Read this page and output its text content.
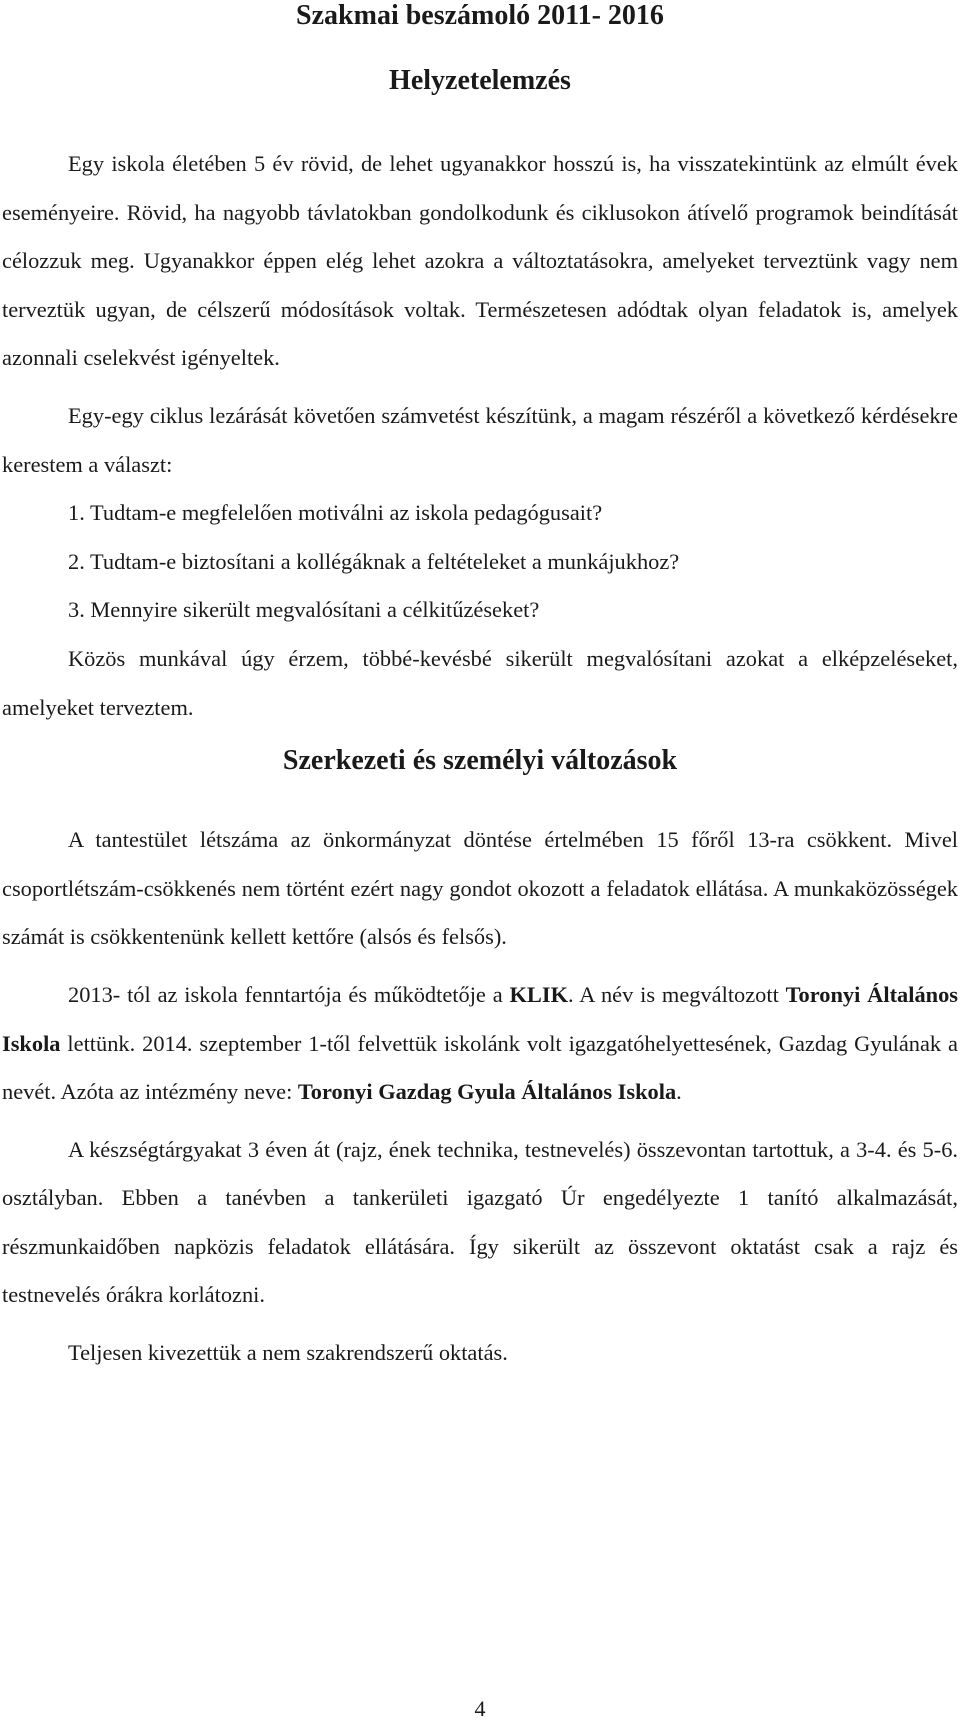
Szakmai beszámoló 2011- 2016
Helyzetelemzés

Egy iskola életében 5 év rövid, de lehet ugyanakkor hosszú is, ha visszatekintünk az elmúlt évek eseményeire. Rövid, ha nagyobb távlatokban gondolkodunk és ciklusokon átívelő programok beindítását célozzuk meg. Ugyanakkor éppen elég lehet azokra a változtatásokra, amelyeket terveztünk vagy nem terveztük ugyan, de célszerű módosítások voltak. Természetesen adódtak olyan feladatok is, amelyek azonnali cselekvést igényeltek.

Egy-egy ciklus lezárását követően számvetést készítünk, a magam részéről a következő kérdésekre kerestem a választ:

1. Tudtam-e megfelelően motiválni az iskola pedagógusait?
2. Tudtam-e biztosítani a kollégáknak a feltételeket a munkájukhoz?
3. Mennyire sikerült megvalósítani a célkitűzéseket?

Közös munkával úgy érzem, többé-kevésbé sikerült megvalósítani azokat a elképzeléseket, amelyeket terveztem.

Szerkezeti és személyi változások

A tantestület létszáma az önkormányzat döntése értelmében 15 főről 13-ra csökkent. Mivel csoportlétszám-csökkenés nem történt ezért nagy gondot okozott a feladatok ellátása. A munkaközösségek számát is csökkentenünk kellett kettőre (alsós és felsős).

2013- tól az iskola fenntartója és működtetője a KLIK. A név is megváltozott Toronyi Általános Iskola lettünk. 2014. szeptember 1-től felvettük iskolánk volt igazgatóhelyettesének, Gazdag Gyulának a nevét. Azóta az intézmény neve: Toronyi Gazdag Gyula Általános Iskola.

A készségtárgyakat 3 éven át (rajz, ének technika, testnevelés) összevontan tartottuk, a 3-4. és 5-6. osztályban. Ebben a tanévben a tankerületi igazgató Úr engedélyezte 1 tanító alkalmazását, részmunkaidőben napközis feladatok ellátására. Így sikerült az összevont oktatást csak a rajz és testnevelés órákra korlátozni.

Teljesen kivezettük a nem szakrendszerű oktatás.

4
